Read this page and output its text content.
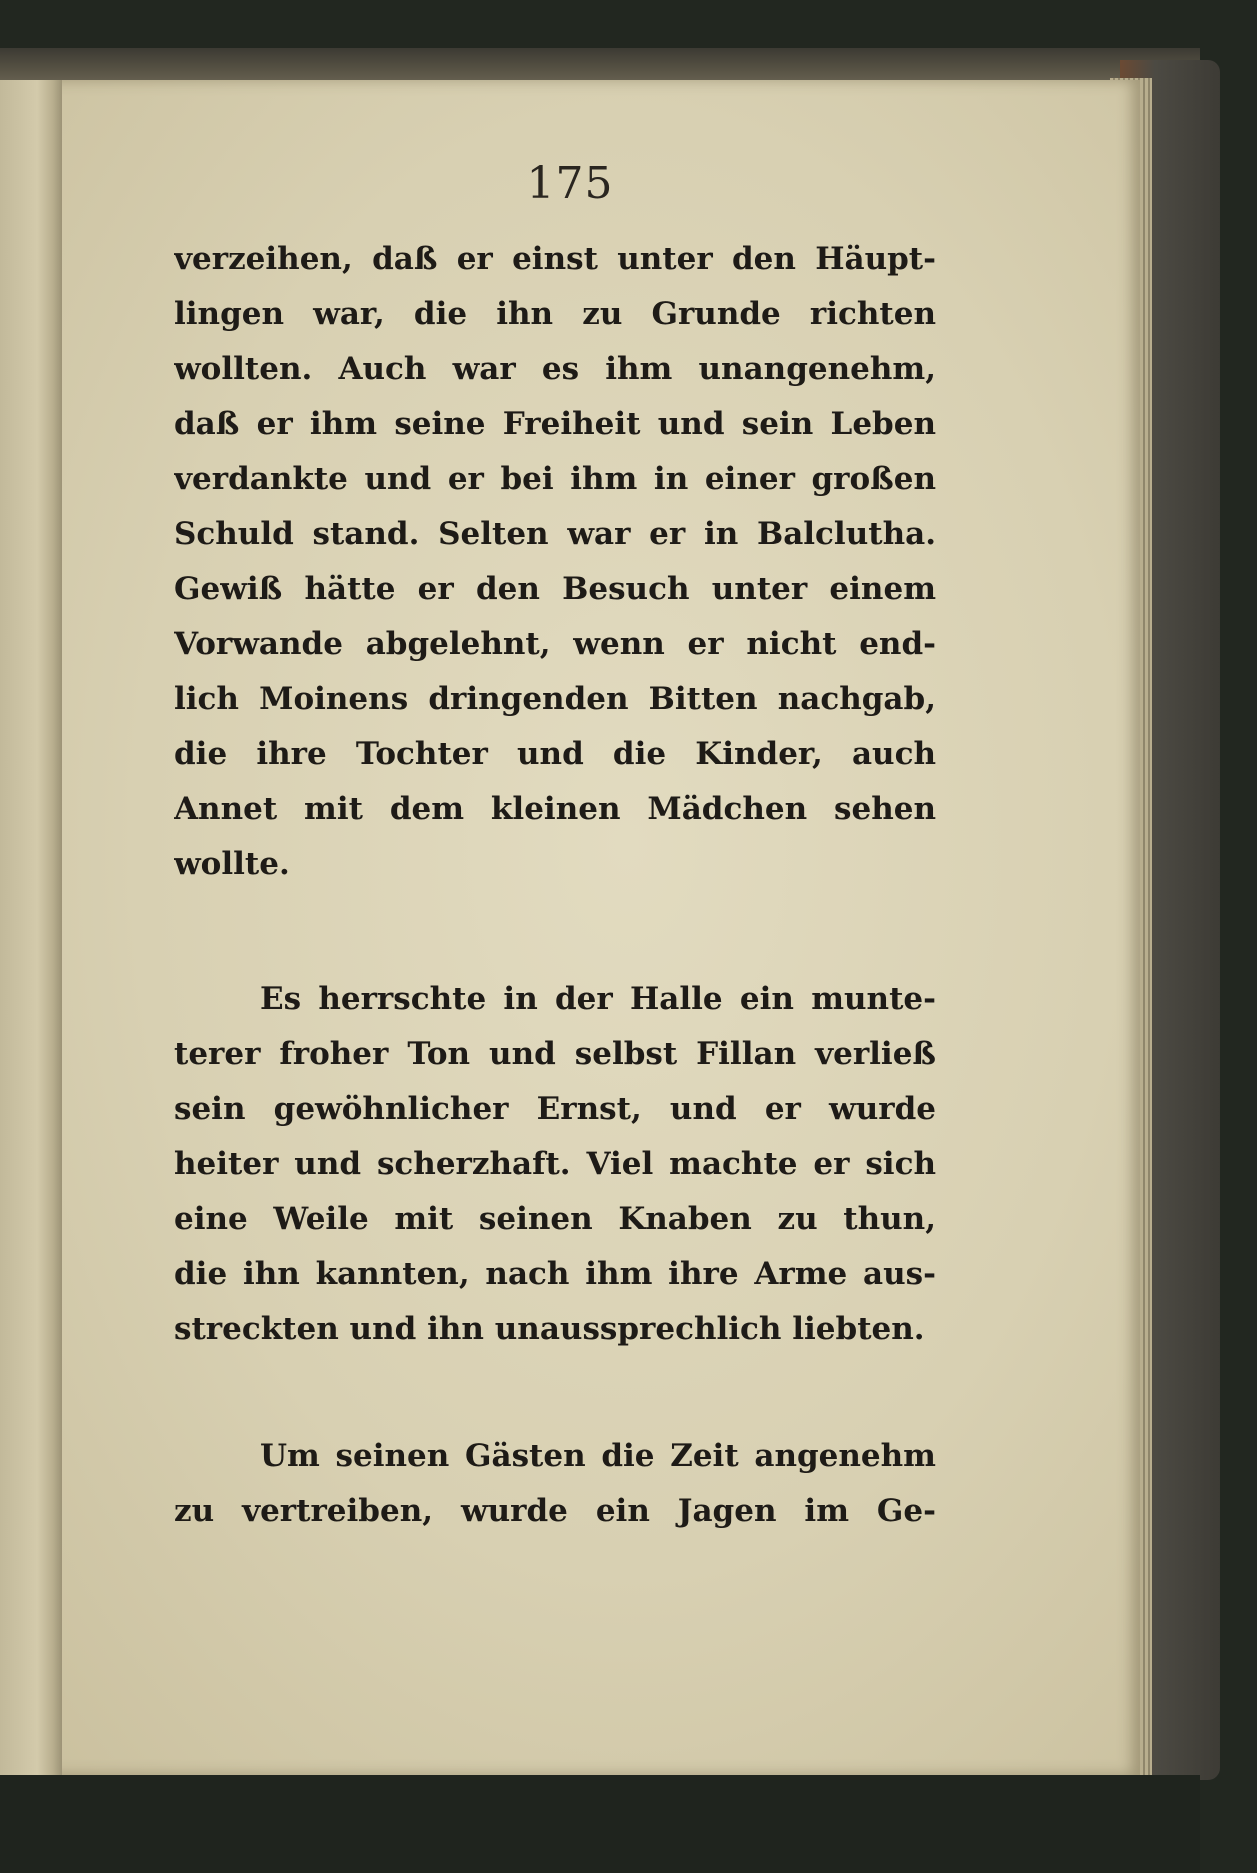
175
verzeihen, daß er einst unter den Häupt-
lingen war, die ihn zu Grunde richten
wollten. Auch war es ihm unangenehm,
daß er ihm seine Freiheit und sein Leben
verdankte und er bei ihm in einer großen
Schuld stand. Selten war er in Balclutha.
Gewiß hätte er den Besuch unter einem
Vorwande abgelehnt, wenn er nicht end-
lich Moinens dringenden Bitten nachgab,
die ihre Tochter und die Kinder, auch
Annet mit dem kleinen Mädchen sehen
wollte.
Es herrschte in der Halle ein munte-
terer froher Ton und selbst Fillan verließ
sein gewöhnlicher Ernst, und er wurde
heiter und scherzhaft. Viel machte er sich
eine Weile mit seinen Knaben zu thun,
die ihn kannten, nach ihm ihre Arme aus-
streckten und ihn unaussprechlich liebten.
Um seinen Gästen die Zeit angenehm
zu vertreiben, wurde ein Jagen im Ge-
